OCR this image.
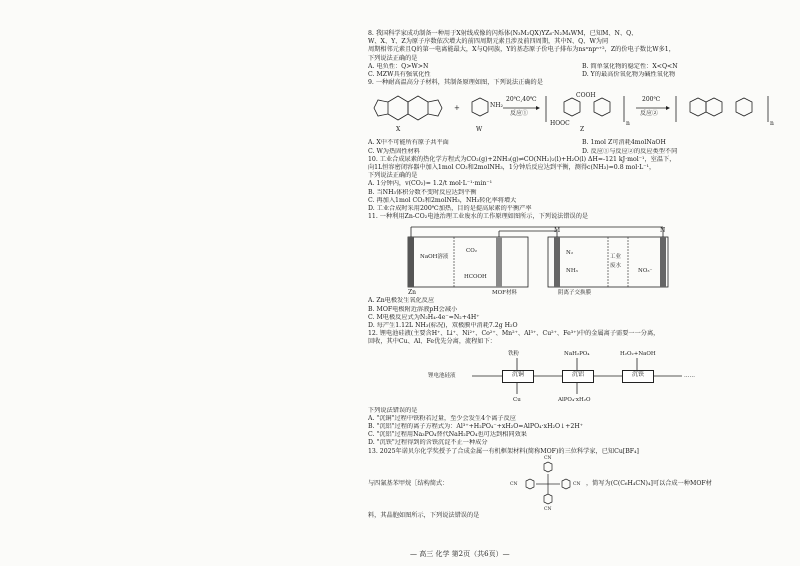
8. 我国科学家成功制备一种用于X射线成像的闪烁体(N₃M₂QX)YZ₆·N₂M₄WM，已知M、N、Q、

W、X、Y、Z为原子序数依次增大的前四周期元素且涉及前四周期，其中N、Q、W为同

周期相邻元素且Q的第一电离能最大，X与Q同族，Y的基态原子价电子排布为nsⁿnpⁿ⁺²，Z的价电子数比W多1，

下列说法正确的是

A. 电负性：Q>W>N	B. 简单氢化物的稳定性：X<Q<N

C. MZW具有强氧化性	D. Y的最高价氧化物为碱性氧化物

9. 一种耐高温高分子材料，其制备原理如图，下列说法正确的是

+
X
NH₂
W
20℃,40℃
反应①
HOOC
COOH
Z
n
200℃
反应②
n

A. X中不可能所有原子共平面	B. 1mol Z可消耗4molNaOH

C. W为热固性材料	D. 反应①与反应②的反应类型不同

10. 工业合成尿素的热化学方程式为CO₂(g)+2NH₃(g)⇌CO(NH₂)₂(l)+H₂O(l) ΔH=-121 kJ·mol⁻¹，室温下，

向1L恒容密闭容器中加入1mol CO₂和2molNH₃，1分钟后反应达到平衡，测得c(NH₃)=0.8 mol·L⁻¹，

下列说法正确的是

A. 1分钟内，v(CO₂)= 1.2/t mol·L⁻¹·min⁻¹

B. 当NH₃体积分数不变时反应达到平衡

C. 再加入1mol CO₂和2molNH₃，NH₃转化率将增大

D. 工业合成时采用200℃加热，目的是提高尿素的平衡产率

11. 一种利用Zn-CO₂电池治理工业废水的工作原理如图所示，下列说法错误的是

Zn
NaOH溶液
CO₂
HCOOH
MOF材料
M	N
N₂
NH₃	NO₃⁻
阴离子交换膜
工业废水

A. Zn电极发生氧化反应

B. MOF电极附近溶液pH会减小

C. M电极反应式为N₂H₄-4e⁻=N₂+4H⁺

D. 每产生1.12L NH₃(标况)，双极膜中消耗7.2g H₂O

12. 锂电池硅液(主要含H⁺、Li⁺、Ni²⁺、Co²⁺、Mn²⁺、Al³⁺、Cu²⁺、Fe³⁺)中的金属离子需要一一分离，

回收，其中Cu、Al、Fe优先分离，流程如下：

锂电池硅液	沉铜	沉铝	沉铁
铁粉	NaH₂PO₄	H₂O₂+NaOH
Cu	AlPO₄·xH₂O
……

下列说法错误的是

A. "沉铜"过程中铁粉若过量，至少会发生4个离子反应

B. "沉铝"过程的离子方程式为：Al³⁺+H₂PO₄⁻+xH₂O=AlPO₄·xH₂O↓+2H⁺

C. "沉铝"过程用Na₃PO₄替代NaH₂PO₄也可达到相同效果

D. "沉铁"过程得到的含铁沉淀不止一种成分

13. 2025年诺贝尔化学奖授予了合成金属一有机框架材料(简称MOF)的三位科学家，已知Cu[BF₄]

与四氰基苯甲烷［结构简式：
CN
CN
CN	CN ，简写为(C(C₆H₄CN)₄]可以合成一种MOF材

料，其晶胞如图所示，下列说法错误的是

— 高三 化学 第2页（共6页）—
